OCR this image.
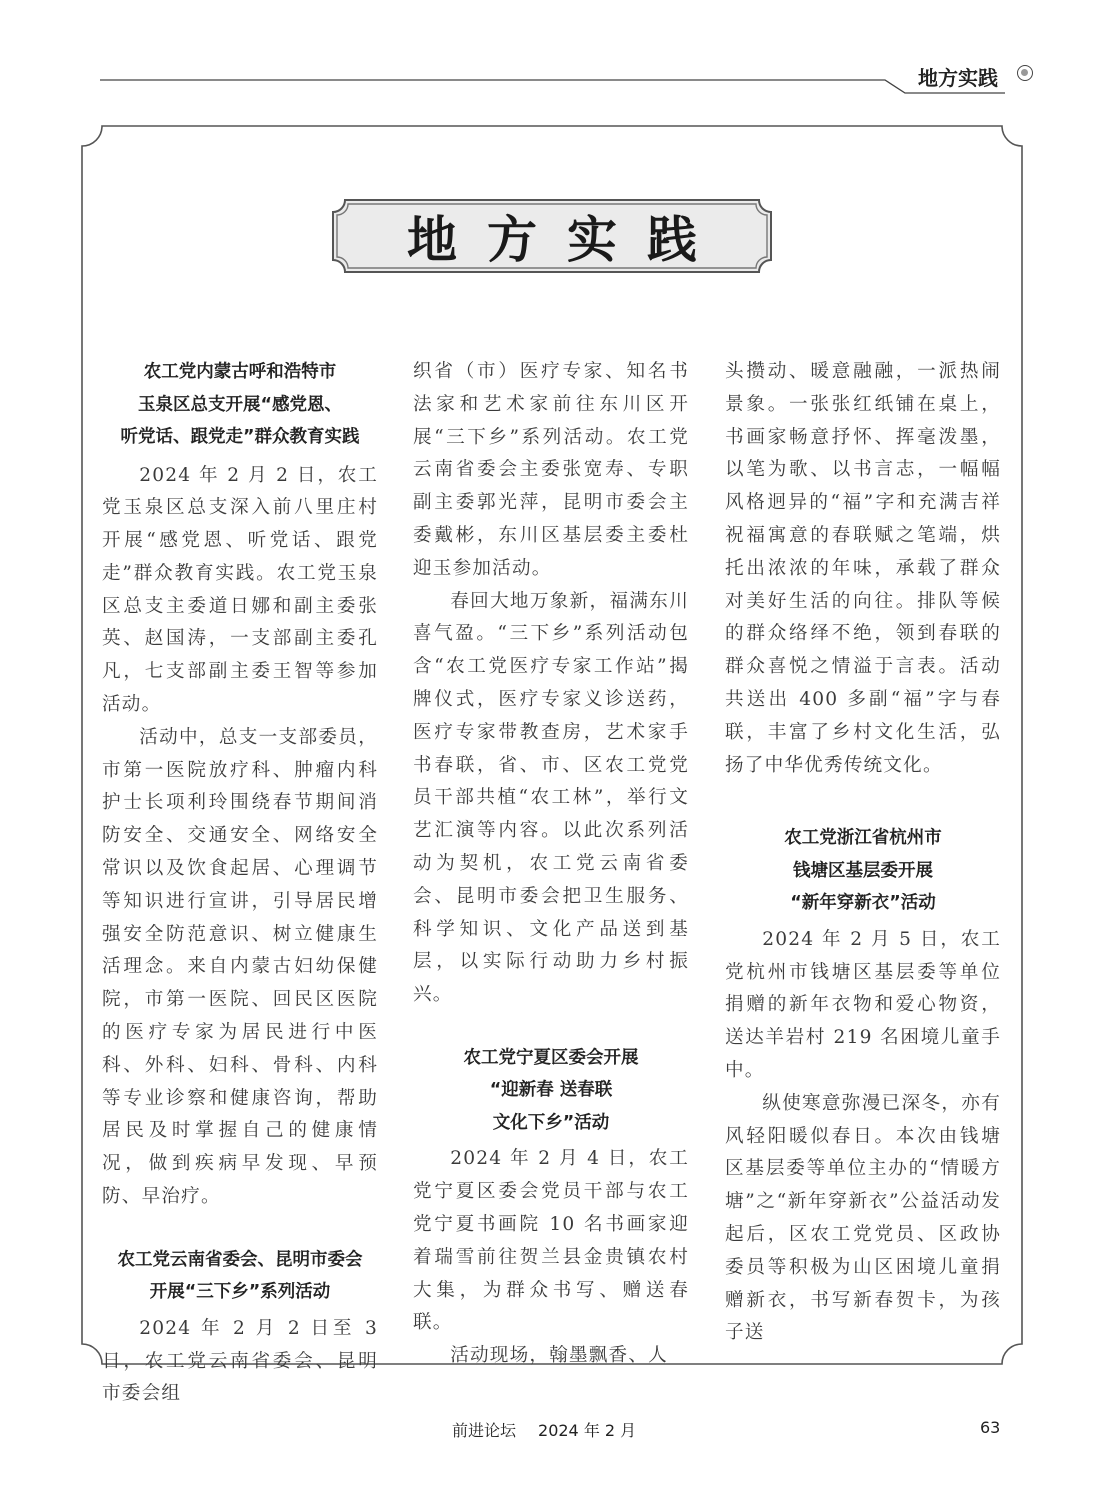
地方实践
地方实践
农工党内蒙古呼和浩特市
玉泉区总支开展“感党恩、
听党话、跟党走”群众教育实践
2024 年 2 月 2 日，农工党玉泉区总支深入前八里庄村开展“感党恩、听党话、跟党走”群众教育实践。农工党玉泉区总支主委道日娜和副主委张英、赵国涛，一支部副主委孔凡，七支部副主委王智等参加活动。
活动中，总支一支部委员，市第一医院放疗科、肿瘤内科护士长项利玲围绕春节期间消防安全、交通安全、网络安全常识以及饮食起居、心理调节等知识进行宣讲，引导居民增强安全防范意识、树立健康生活理念。来自内蒙古妇幼保健院，市第一医院、回民区医院的医疗专家为居民进行中医科、外科、妇科、骨科、内科等专业诊察和健康咨询，帮助居民及时掌握自己的健康情况，做到疾病早发现、早预防、早治疗。
农工党云南省委会、昆明市委会
开展“三下乡”系列活动
2024 年 2 月 2 日至 3 日，农工党云南省委会、昆明市委会组
织省（市）医疗专家、知名书法家和艺术家前往东川区开展“三下乡”系列活动。农工党云南省委会主委张宽寿、专职副主委郭光萍，昆明市委会主委戴彬，东川区基层委主委杜迎玉参加活动。
春回大地万象新，福满东川喜气盈。“三下乡”系列活动包含“农工党医疗专家工作站”揭牌仪式，医疗专家义诊送药，医疗专家带教查房，艺术家手书春联，省、市、区农工党党员干部共植“农工林”，举行文艺汇演等内容。以此次系列活动为契机，农工党云南省委会、昆明市委会把卫生服务、科学知识、文化产品送到基层，以实际行动助力乡村振兴。
农工党宁夏区委会开展
“迎新春 送春联
文化下乡”活动
2024 年 2 月 4 日，农工党宁夏区委会党员干部与农工党宁夏书画院 10 名书画家迎着瑞雪前往贺兰县金贵镇农村大集，为群众书写、赠送春联。
活动现场，翰墨飘香、人
头攒动、暖意融融，一派热闹景象。一张张红纸铺在桌上，书画家畅意抒怀、挥毫泼墨，以笔为歌、以书言志，一幅幅风格迥异的“福”字和充满吉祥祝福寓意的春联赋之笔端，烘托出浓浓的年味，承载了群众对美好生活的向往。排队等候的群众络绎不绝，领到春联的群众喜悦之情溢于言表。活动共送出 400 多副“福”字与春联，丰富了乡村文化生活，弘扬了中华优秀传统文化。
农工党浙江省杭州市
钱塘区基层委开展
“新年穿新衣”活动
2024 年 2 月 5 日，农工党杭州市钱塘区基层委等单位捐赠的新年衣物和爱心物资，送达羊岩村 219 名困境儿童手中。
纵使寒意弥漫已深冬，亦有风轻阳暖似春日。本次由钱塘区基层委等单位主办的“情暖方塘”之“新年穿新衣”公益活动发起后，区农工党党员、区政协委员等积极为山区困境儿童捐赠新衣，书写新春贺卡，为孩子送
前进论坛 2024 年 2 月	63
